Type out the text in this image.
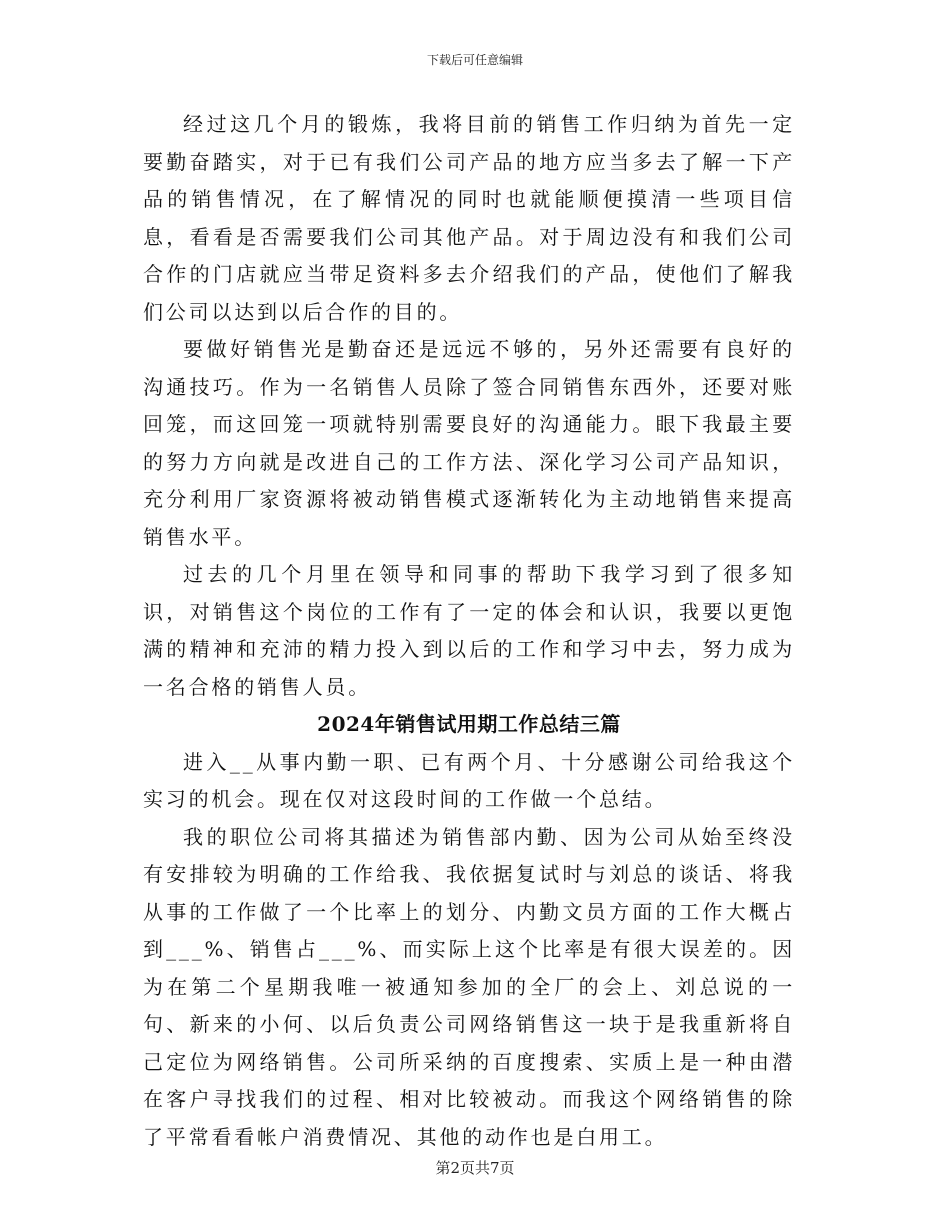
下载后可任意编辑

经过这几个月的锻炼，我将目前的销售工作归纳为首先一定要勤奋踏实，对于已有我们公司产品的地方应当多去了解一下产品的销售情况，在了解情况的同时也就能顺便摸清一些项目信息，看看是否需要我们公司其他产品。对于周边没有和我们公司合作的门店就应当带足资料多去介绍我们的产品，使他们了解我们公司以达到以后合作的目的。

要做好销售光是勤奋还是远远不够的，另外还需要有良好的沟通技巧。作为一名销售人员除了签合同销售东西外，还要对账回笼，而这回笼一项就特别需要良好的沟通能力。眼下我最主要的努力方向就是改进自己的工作方法、深化学习公司产品知识，充分利用厂家资源将被动销售模式逐渐转化为主动地销售来提高销售水平。

过去的几个月里在领导和同事的帮助下我学习到了很多知识，对销售这个岗位的工作有了一定的体会和认识，我要以更饱满的精神和充沛的精力投入到以后的工作和学习中去，努力成为一名合格的销售人员。

2024年销售试用期工作总结三篇

进入__从事内勤一职、已有两个月、十分感谢公司给我这个实习的机会。现在仅对这段时间的工作做一个总结。

我的职位公司将其描述为销售部内勤、因为公司从始至终没有安排较为明确的工作给我、我依据复试时与刘总的谈话、将我从事的工作做了一个比率上的划分、内勤文员方面的工作大概占到___%、销售占___%、而实际上这个比率是有很大误差的。因为在第二个星期我唯一被通知参加的全厂的会上、刘总说的一句、新来的小何、以后负责公司网络销售这一块于是我重新将自己定位为网络销售。公司所采纳的百度搜索、实质上是一种由潜在客户寻找我们的过程、相对比较被动。而我这个网络销售的除了平常看看帐户消费情况、其他的动作也是白用工。

第2页共7页
